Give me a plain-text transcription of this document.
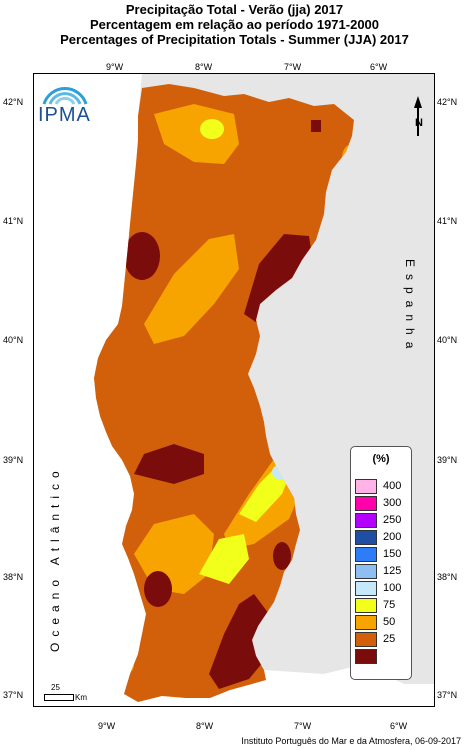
Precipitação Total - Verão (jja) 2017
Percentagem em relação ao período 1971-2000
Percentages of Precipitation Totals - Summer (JJA) 2017
9°W	8°W	7°W	6°W
9°W	8°W	7°W	6°W
42°N
41°N
40°N
39°N
38°N
37°N
42°N
41°N
40°N
39°N
38°N
37°N
IPMA	N
Oceano Atlântico
Espanha
(%)
400
300
250
200
150
125
100
75
50
25
25
Km
Instituto Português do Mar e da Atmosfera, 06-09-2017
